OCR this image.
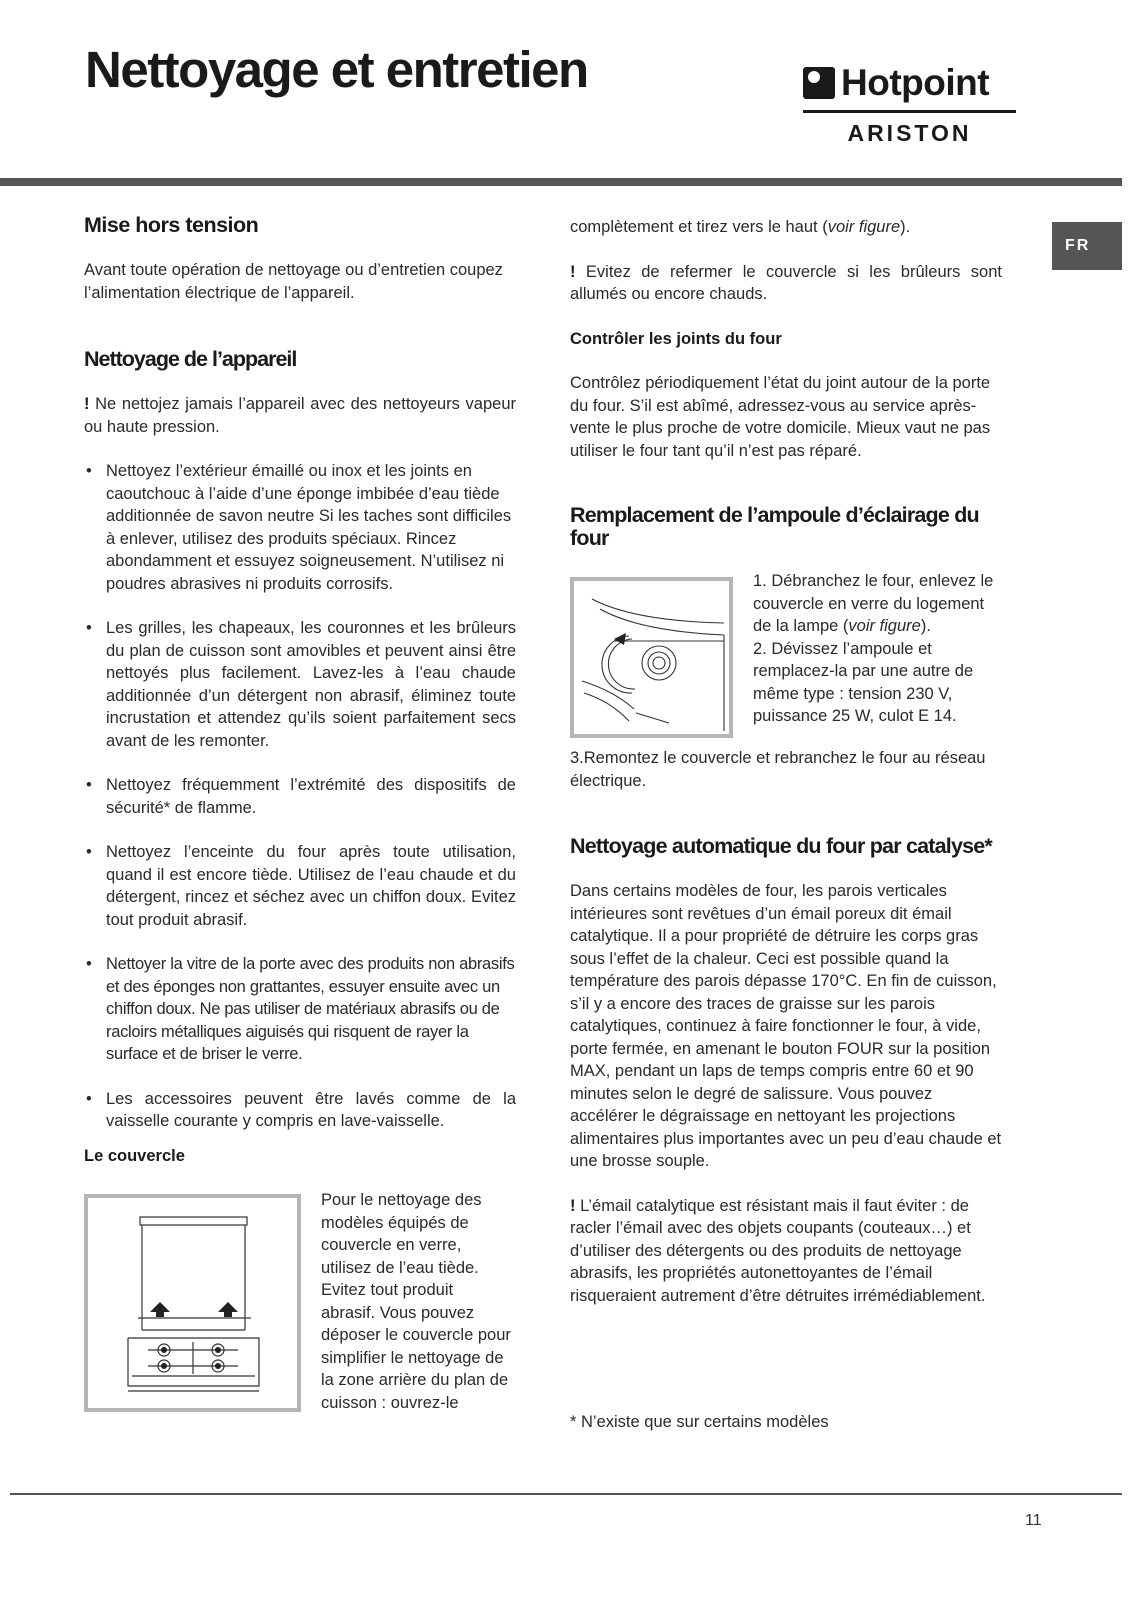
Nettoyage et entretien	Hotpoint
ARISTON
FR
Mise hors tension

Avant toute opération de nettoyage ou d’entretien coupez l’alimentation électrique de l’appareil.

Nettoyage de l’appareil

! Ne nettojez jamais l’appareil avec des nettoyeurs vapeur ou haute pression.

• Nettoyez l’extérieur émaillé ou inox et les joints en caoutchouc à l’aide d’une éponge imbibée d’eau tiède additionnée de savon neutre Si les taches sont difficiles à enlever, utilisez des produits spéciaux. Rincez abondamment et essuyez soigneusement. N’utilisez ni poudres abrasives ni produits corrosifs.
• Les grilles, les chapeaux, les couronnes et les brûleurs du plan de cuisson sont amovibles et peuvent ainsi être nettoyés plus facilement. Lavez-les à l’eau chaude additionnée d’un détergent non abrasif, éliminez toute incrustation et attendez qu’ils soient parfaitement secs avant de les remonter.
• Nettoyez fréquemment l’extrémité des dispositifs de sécurité* de flamme.
• Nettoyez l’enceinte du four après toute utilisation, quand il est encore tiède. Utilisez de l’eau chaude et du détergent, rincez et séchez avec un chiffon doux. Evitez tout produit abrasif.
• Nettoyer la vitre de la porte avec des produits non abrasifs et des éponges non grattantes, essuyer ensuite avec un chiffon doux. Ne pas utiliser de matériaux abrasifs ou de racloirs métalliques aiguisés qui risquent de rayer la surface et de briser le verre.
• Les accessoires peuvent être lavés comme de la vaisselle courante y compris en lave-vaisselle.
Le couvercle

Pour le nettoyage des modèles équipés de couvercle en verre, utilisez de l’eau tiède. Evitez tout produit abrasif. Vous pouvez déposer le couvercle pour simplifier le nettoyage de la zone arrière du plan de cuisson : ouvrez-le

complètement et tirez vers le haut (voir figure).

! Evitez de refermer le couvercle si les brûleurs sont allumés ou encore chauds.

Contrôler les joints du four

Contrôlez périodiquement l’état du joint autour de la porte du four. S’il est abîmé, adressez-vous au service après-vente le plus proche de votre domicile. Mieux vaut ne pas utiliser le four tant qu’il n’est pas réparé.

Remplacement de l’ampoule d’éclairage du four

1. Débranchez le four, enlevez le couvercle en verre du logement de la lampe (voir figure).

2. Dévissez l’ampoule et remplacez-la par une autre de même type : tension 230 V, puissance 25 W, culot E 14.

3.Remontez le couvercle et rebranchez le four au réseau électrique.

Nettoyage automatique du four par catalyse*

Dans certains modèles de four, les parois verticales intérieures sont revêtues d’un émail poreux dit émail catalytique. Il a pour propriété de détruire les corps gras sous l’effet de la chaleur. Ceci est possible quand la température des parois dépasse 170°C. En fin de cuisson, s’il y a encore des traces de graisse sur les parois catalytiques, continuez à faire fonctionner le four, à vide, porte fermée, en amenant le bouton FOUR sur la position MAX, pendant un laps de temps compris entre 60 et 90 minutes selon le degré de salissure. Vous pouvez accélérer le dégraissage en nettoyant les projections alimentaires plus importantes avec un peu d’eau chaude et une brosse souple.

! L’émail catalytique est résistant mais il faut éviter : de racler l’émail avec des objets coupants (couteaux…) et d’utiliser des détergents ou des produits de nettoyage abrasifs, les propriétés autonettoyantes de l’émail risqueraient autrement d’être détruites irrémédiablement.

* N’existe que sur certains modèles

11
